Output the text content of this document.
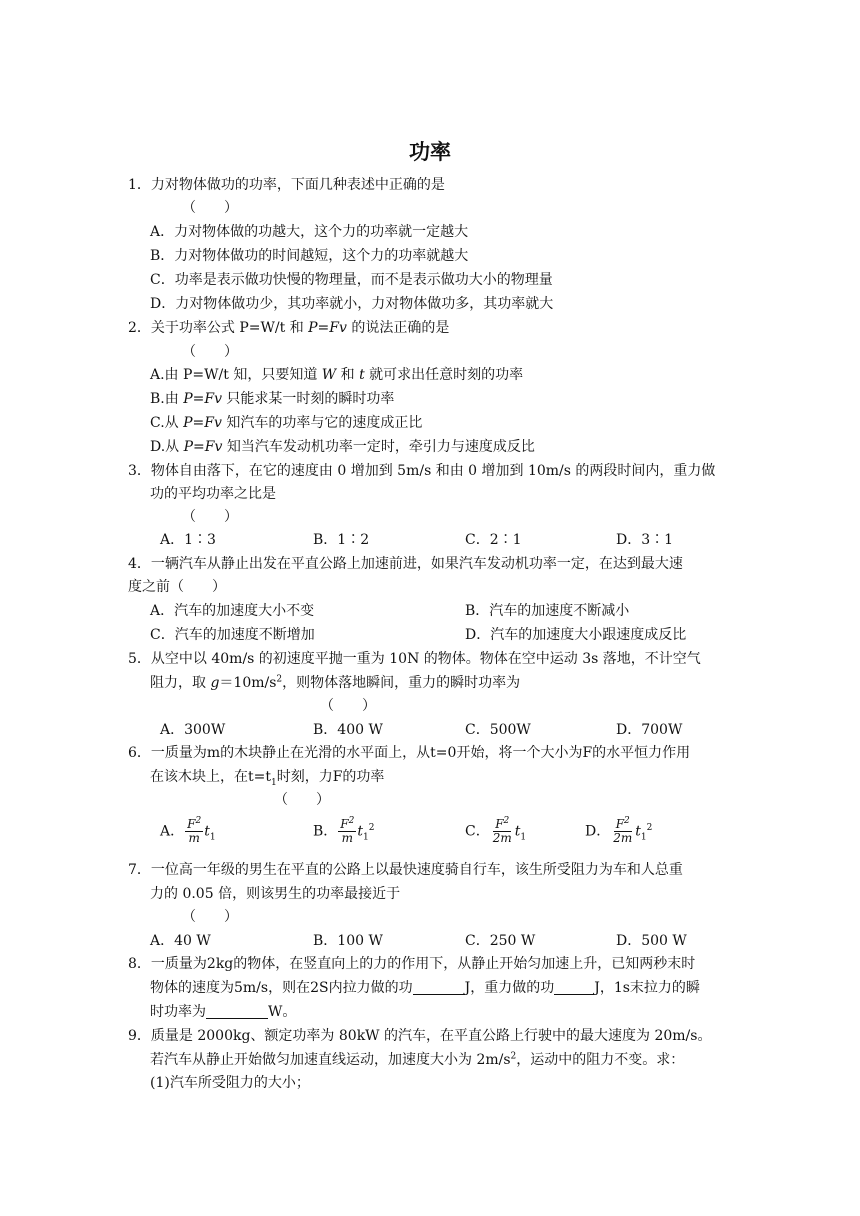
功率
1．力对物体做功的功率，下面几种表述中正确的是
（　　）
A．力对物体做的功越大，这个力的功率就一定越大
B．力对物体做功的时间越短，这个力的功率就越大
C．功率是表示做功快慢的物理量，而不是表示做功大小的物理量
D．力对物体做功少，其功率就小，力对物体做功多，其功率就大
2．关于功率公式 P=W/t 和 P=Fv 的说法正确的是
（　　）
A.由 P=W/t 知，只要知道 W 和 t 就可求出任意时刻的功率
B.由 P=Fv 只能求某一时刻的瞬时功率
C.从 P=Fv 知汽车的功率与它的速度成正比
D.从 P=Fv 知当汽车发动机功率一定时，牵引力与速度成反比
3．物体自由落下，在它的速度由 0 增加到 5m/s 和由 0 增加到 10m/s 的两段时间内，重力做
功的平均功率之比是
（　　）
A．1∶3	B．1∶2	C．2∶1	D．3∶1
4．一辆汽车从静止出发在平直公路上加速前进，如果汽车发动机功率一定，在达到最大速
度之前（　　）
A．汽车的加速度大小不变	B．汽车的加速度不断减小
C．汽车的加速度不断增加	D．汽车的加速度大小跟速度成反比
5．从空中以 40m/s 的初速度平抛一重为 10N 的物体。物体在空中运动 3s 落地，不计空气
阻力，取 $g=10m/s^2$，则物体落地瞬间，重力的瞬时功率为
（　　）
A．300W	B．400 W	C．500W	D．700W
6．一质量为m的木块静止在光滑的水平面上，从t=0开始，将一个大小为F的水平恒力作用
在该木块上，在$t=t_1$时刻，力F的功率
（　　）
A． $\frac{F^2}{m} t_1$	B． $\frac{F^2}{m} t_1^2$	C． $\frac{F^2}{2m} t_1$	D． $\frac{F^2}{2m} t_1^2$
7．一位高一年级的男生在平直的公路上以最快速度骑自行车，该生所受阻力为车和人总重
力的 0.05 倍，则该男生的功率最接近于
（　　）
A．40 W	B．100 W	C．250 W	D．500 W
8．一质量为2kg的物体，在竖直向上的力的作用下，从静止开始匀加速上升，已知两秒末时
物体的速度为5m/s，则在2S内拉力做的功	J，重力做的功	J，1s末拉力的瞬
时功率为	W。
9．质量是 2000kg、额定功率为 80kW 的汽车，在平直公路上行驶中的最大速度为 20m/s。
若汽车从静止开始做匀加速直线运动，加速度大小为 $2m/s^2$，运动中的阻力不变。求：
(1)汽车所受阻力的大小；
